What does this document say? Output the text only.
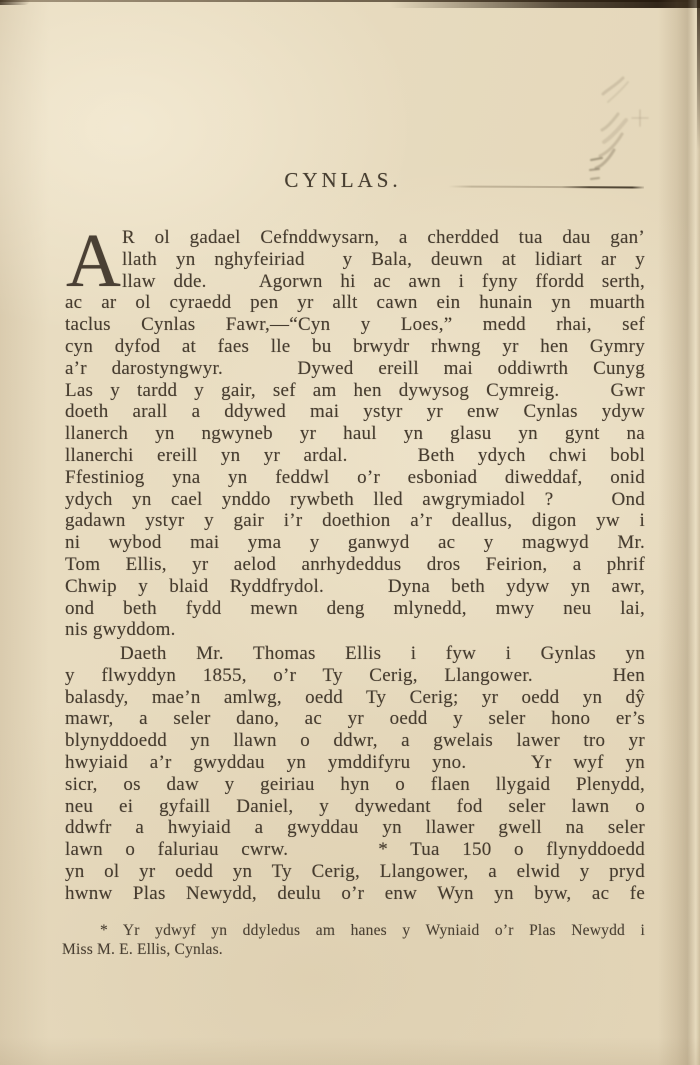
CYNLAS.
A R ol gadael Cefnddwysarn, a cherdded tua dau gan’
llath yn nghyfeiriad  y Bala, deuwn at lidiart ar y
llaw dde.   Agorwn hi ac awn i fyny ffordd serth,
ac ar ol cyraedd pen yr allt cawn ein hunain yn muarth
taclus Cynlas Fawr,—“Cyn y Loes,” medd rhai, sef
cyn dyfod at faes lle bu brwydr rhwng yr hen Gymry
a’r darostyngwyr.   Dywed ereill mai oddiwrth Cunyg
Las y tardd y gair, sef am hen dywysog Cymreig.   Gwr
doeth arall a ddywed mai ystyr yr enw Cynlas ydyw
llanerch yn ngwyneb yr haul yn glasu yn gynt na
llanerchi ereill yn yr ardal.   Beth ydych chwi bobl
Ffestiniog yna yn feddwl o’r esboniad diweddaf, onid
ydych yn cael ynddo rywbeth lled awgrymiadol ?   Ond
gadawn ystyr y gair i’r doethion a’r deallus, digon yw i
ni wybod mai yma y ganwyd ac y magwyd Mr.
Tom Ellis, yr aelod anrhydeddus dros Feirion, a phrif
Chwip y blaid Ryddfrydol.   Dyna beth ydyw yn awr,
ond beth fydd mewn deng mlynedd, mwy neu lai,
nis gwyddom.
Daeth  Mr.  Thomas  Ellis  i  fyw  i  Gynlas  yn
y flwyddyn 1855, o’r Ty Cerig, Llangower.   Hen
balasdy, mae’n amlwg, oedd Ty Cerig; yr oedd yn dŷ
mawr, a seler dano, ac yr oedd y seler hono er’s
blynyddoedd yn llawn o ddwr, a gwelais lawer tro yr
hwyiaid a’r gwyddau yn ymddifyru yno.   Yr wyf yn
sicr, os daw y geiriau hyn o flaen llygaid Plenydd,
neu ei gyfaill Daniel, y dywedant fod seler lawn o
ddwfr a hwyiaid a gwyddau yn llawer gwell na seler
lawn o faluriau cwrw.    * Tua 150 o flynyddoedd
yn ol yr oedd yn Ty Cerig, Llangower, a elwid y pryd
hwnw Plas Newydd, deulu o’r enw Wyn yn byw, ac fe
* Yr ydwyf yn ddyledus am hanes y Wyniaid o’r Plas Newydd i
Miss M. E. Ellis, Cynlas.
